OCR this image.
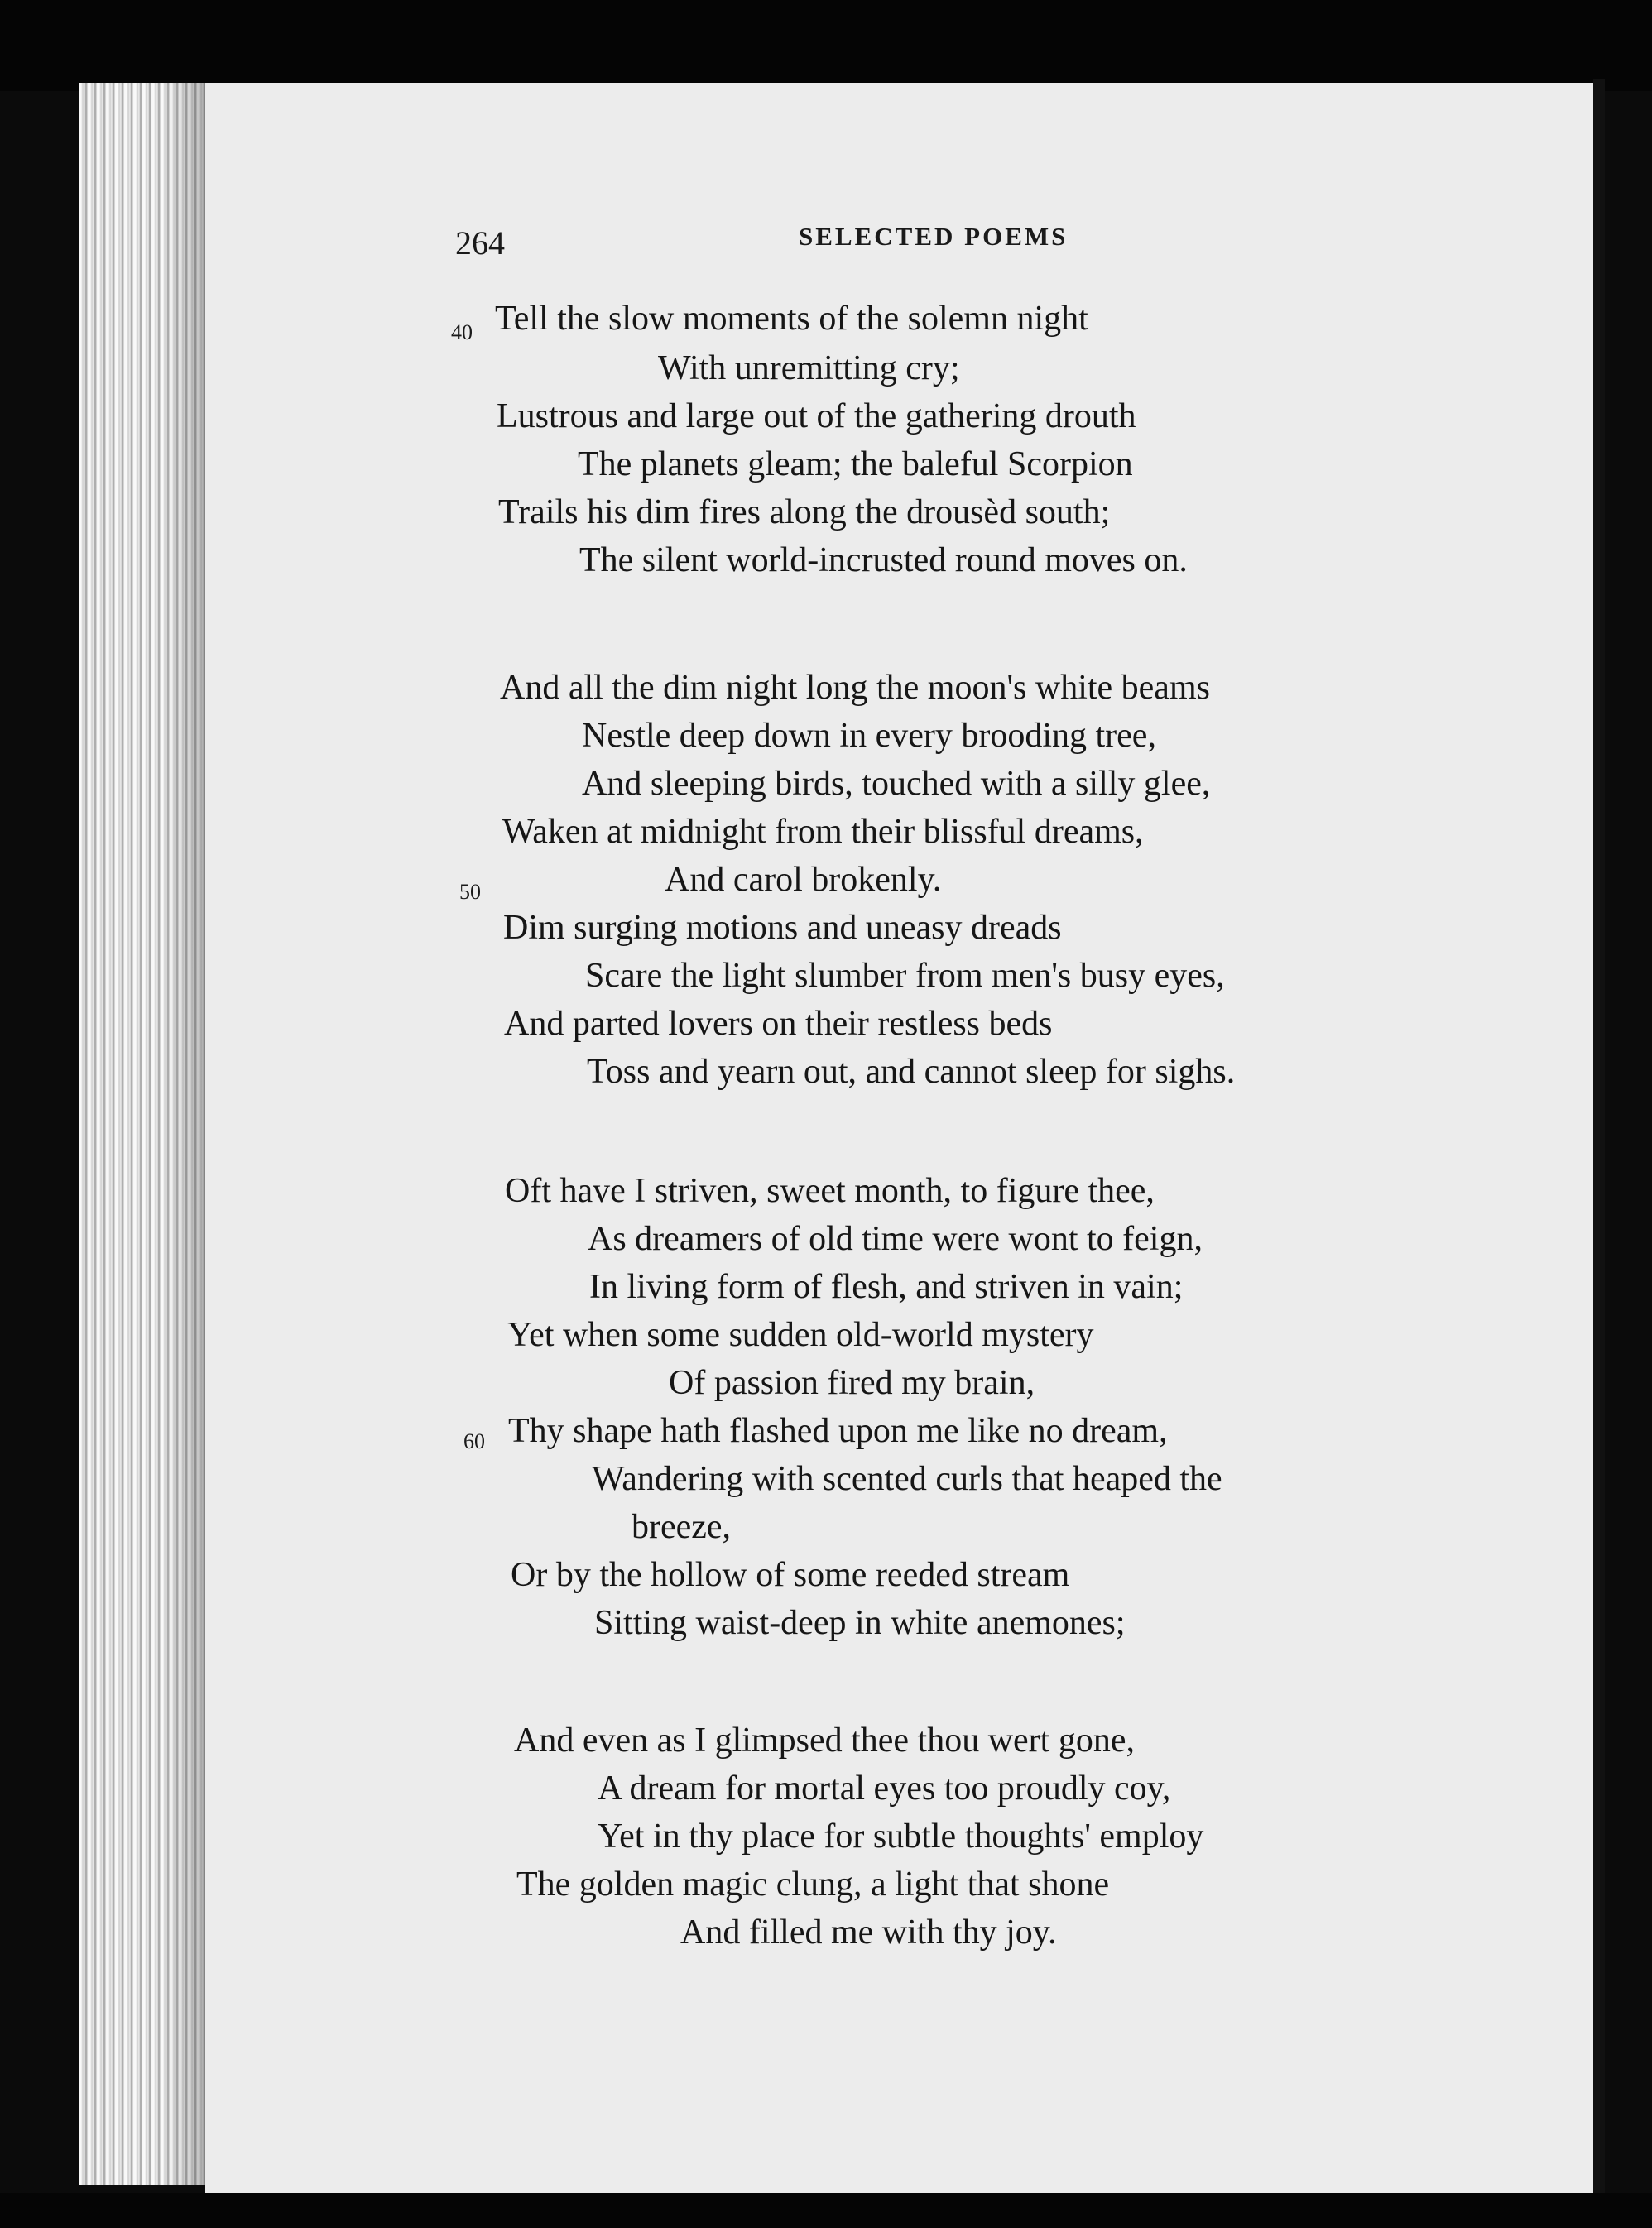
264	SELECTED POEMS
40
50
60
Tell the slow moments of the solemn night
With unremitting cry;
Lustrous and large out of the gathering drouth
The planets gleam; the baleful Scorpion
Trails his dim fires along the drousèd south;
The silent world-incrusted round moves on.
And all the dim night long the moon's white beams
Nestle deep down in every brooding tree,
And sleeping birds, touched with a silly glee,
Waken at midnight from their blissful dreams,
And carol brokenly.
Dim surging motions and uneasy dreads
Scare the light slumber from men's busy eyes,
And parted lovers on their restless beds
Toss and yearn out, and cannot sleep for sighs.
Oft have I striven, sweet month, to figure thee,
As dreamers of old time were wont to feign,
In living form of flesh, and striven in vain;
Yet when some sudden old-world mystery
Of passion fired my brain,
Thy shape hath flashed upon me like no dream,
Wandering with scented curls that heaped the
breeze,
Or by the hollow of some reeded stream
Sitting waist-deep in white anemones;
And even as I glimpsed thee thou wert gone,
A dream for mortal eyes too proudly coy,
Yet in thy place for subtle thoughts' employ
The golden magic clung, a light that shone
And filled me with thy joy.
